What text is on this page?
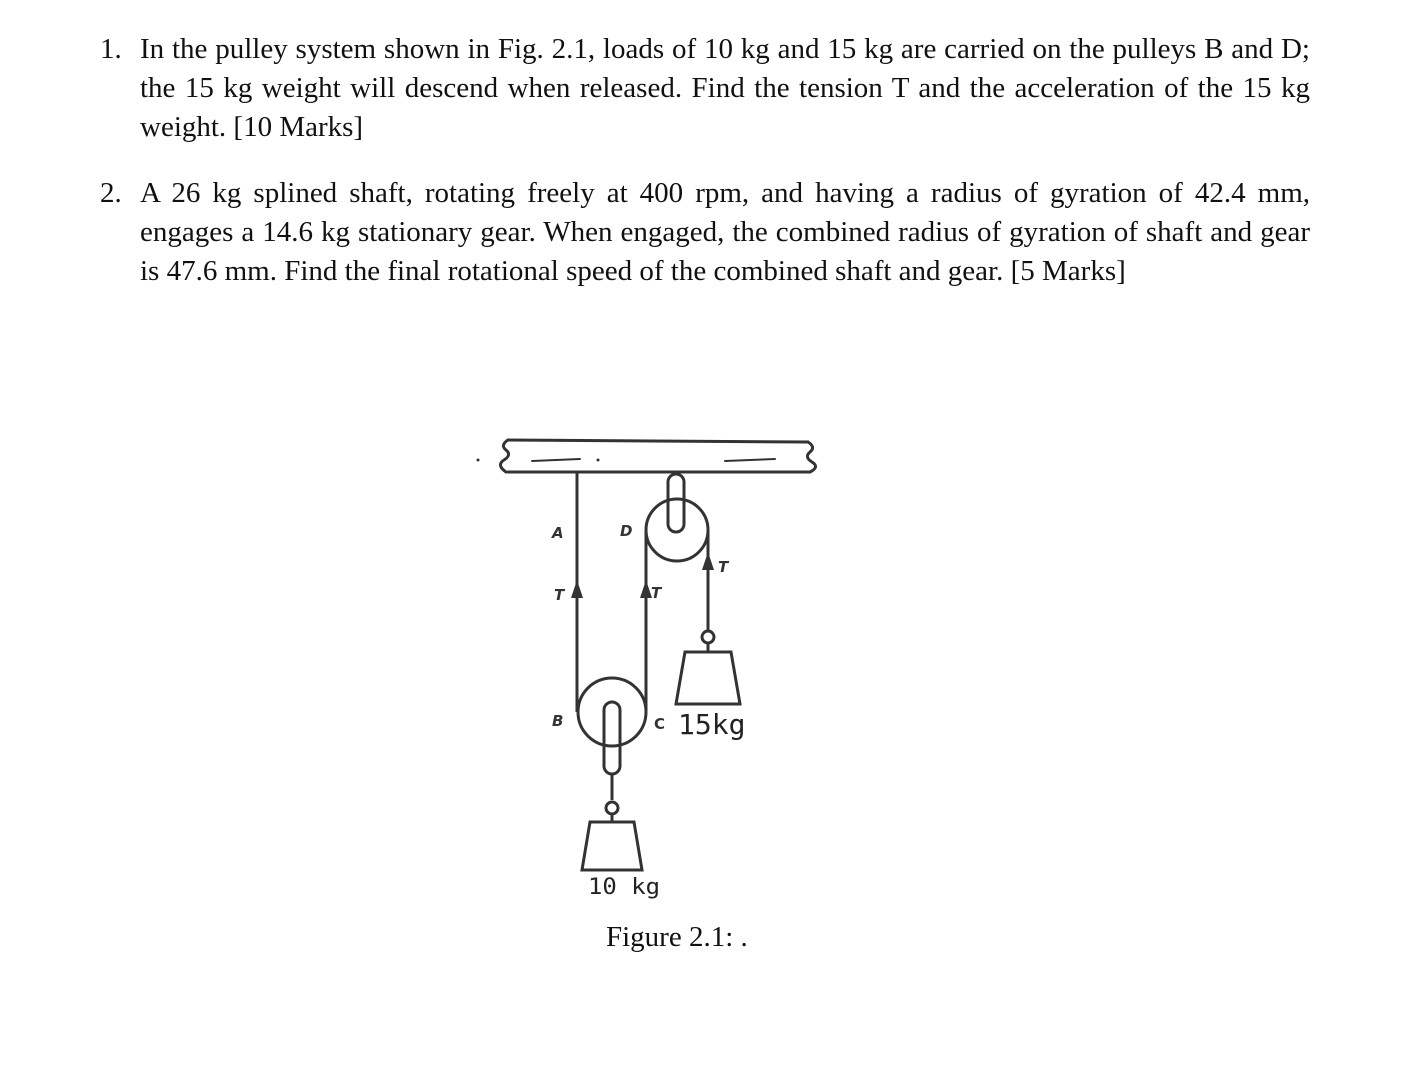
1. In the pulley system shown in Fig. 2.1, loads of 10 kg and 15 kg are carried on the pulleys B and D; the 15 kg weight will descend when released. Find the tension T and the acceleration of the 15 kg weight. [10 Marks]
2. A 26 kg splined shaft, rotating freely at 400 rpm, and having a radius of gyration of 42.4 mm, engages a 14.6 kg stationary gear. When engaged, the combined radius of gyration of shaft and gear is 47.6 mm. Find the final rotational speed of the combined shaft and gear. [5 Marks]
A	D
T	T
T
B	C 15kg
10 kg
Figure 2.1: .
